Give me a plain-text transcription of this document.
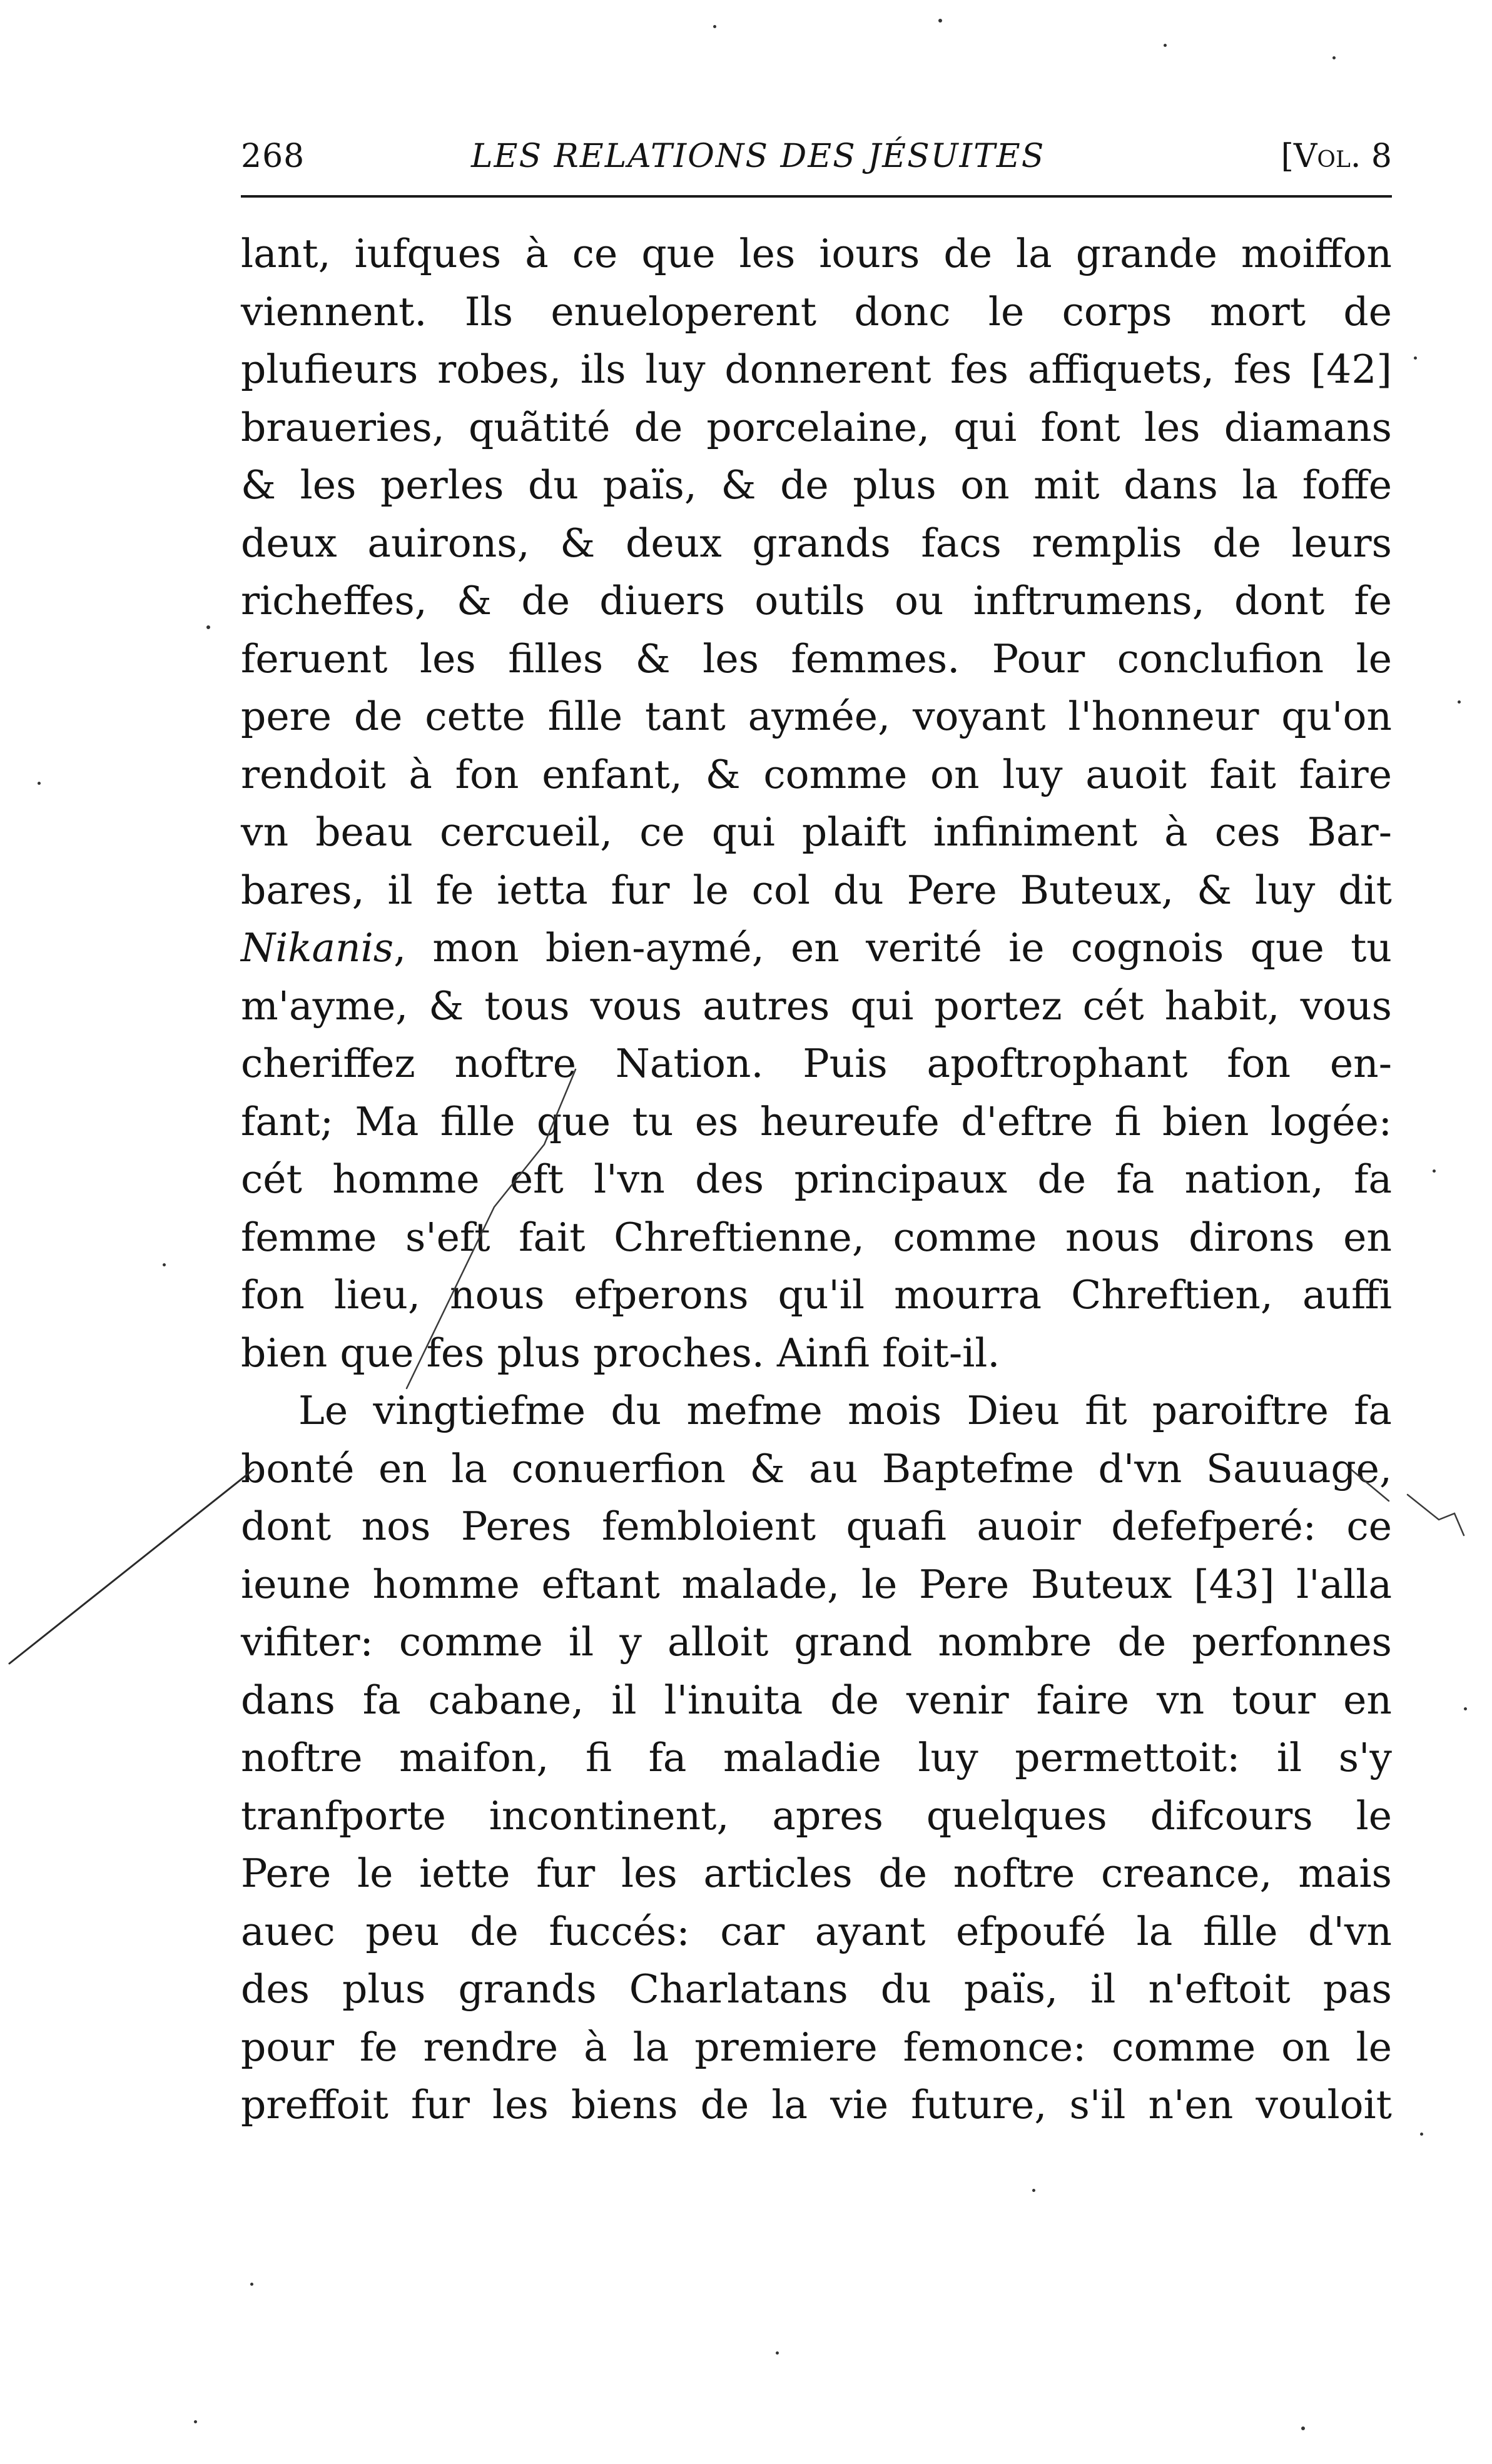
268	LES RELATIONS DES JÉSUITES	[Vol. 8
lant, iufques à ce que les iours de la grande moiffon
viennent. Ils enueloperent donc le corps mort de
plufieurs robes, ils luy donnerent fes affiquets, fes [42]
braueries, quãtité de porcelaine, qui font les diamans
& les perles du païs, & de plus on mit dans la foffe
deux auirons, & deux grands facs remplis de leurs
richeffes, & de diuers outils ou inftrumens, dont fe
feruent les filles & les femmes. Pour conclufion le
pere de cette fille tant aymée, voyant l'honneur qu'on
rendoit à fon enfant, & comme on luy auoit fait faire
vn beau cercueil, ce qui plaift infiniment à ces Bar-
bares, il fe ietta fur le col du Pere Buteux, & luy dit
Nikanis, mon bien-aymé, en verité ie cognois que tu
m'ayme, & tous vous autres qui portez cét habit, vous
cheriffez noftre Nation. Puis apoftrophant fon en-
fant; Ma fille que tu es heureufe d'eftre fi bien logée:
cét homme eft l'vn des principaux de fa nation, fa
femme s'eft fait Chreftienne, comme nous dirons en
fon lieu, nous efperons qu'il mourra Chreftien, auffi
bien que fes plus proches. Ainfi foit-il.
Le vingtiefme du mefme mois Dieu fit paroiftre fa
bonté en la conuerfion & au Baptefme d'vn Sauuage,
dont nos Peres fembloient quafi auoir defefperé: ce
ieune homme eftant malade, le Pere Buteux [43] l'alla
vifiter: comme il y alloit grand nombre de perfonnes
dans fa cabane, il l'inuita de venir faire vn tour en
noftre maifon, fi fa maladie luy permettoit: il s'y
tranfporte incontinent, apres quelques difcours le
Pere le iette fur les articles de noftre creance, mais
auec peu de fuccés: car ayant efpoufé la fille d'vn
des plus grands Charlatans du païs, il n'eftoit pas
pour fe rendre à la premiere femonce: comme on le
preffoit fur les biens de la vie future, s'il n'en vouloit
